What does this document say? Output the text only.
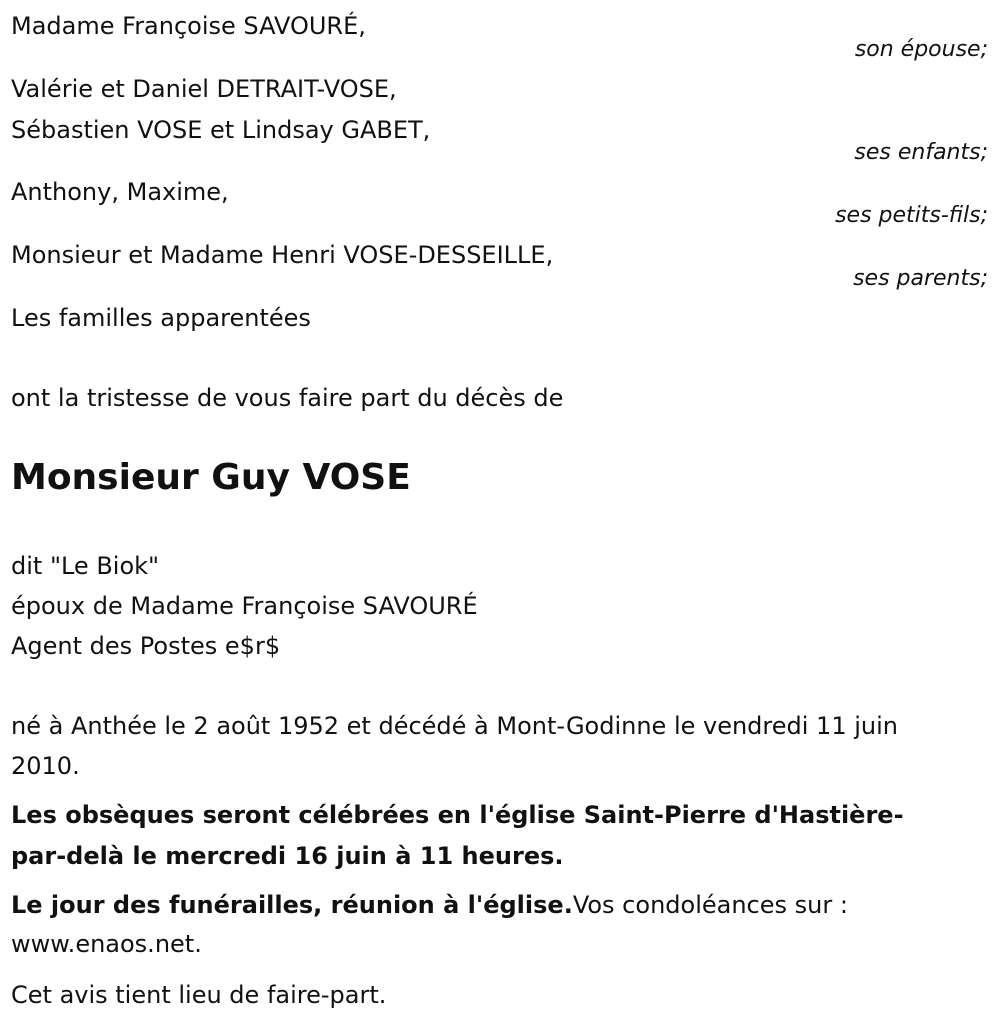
Madame Françoise SAVOURÉ,
son épouse;
Valérie et Daniel DETRAIT-VOSE,
Sébastien VOSE et Lindsay GABET,
ses enfants;
Anthony, Maxime,
ses petits-fils;
Monsieur et Madame Henri VOSE-DESSEILLE,
ses parents;
Les familles apparentées
ont la tristesse de vous faire part du décès de
Monsieur Guy VOSE
dit "Le Biok"
époux de Madame Françoise SAVOURÉ
Agent des Postes e$r$
né à Anthée le 2 août 1952 et décédé à Mont-Godinne le vendredi 11 juin
2010.
Les obsèques seront célébrées en l'église Saint-Pierre d'Hastière-
par-delà le mercredi 16 juin à 11 heures.
Le jour des funérailles, réunion à l'église.Vos condoléances sur :
www.enaos.net.
Cet avis tient lieu de faire-part.
